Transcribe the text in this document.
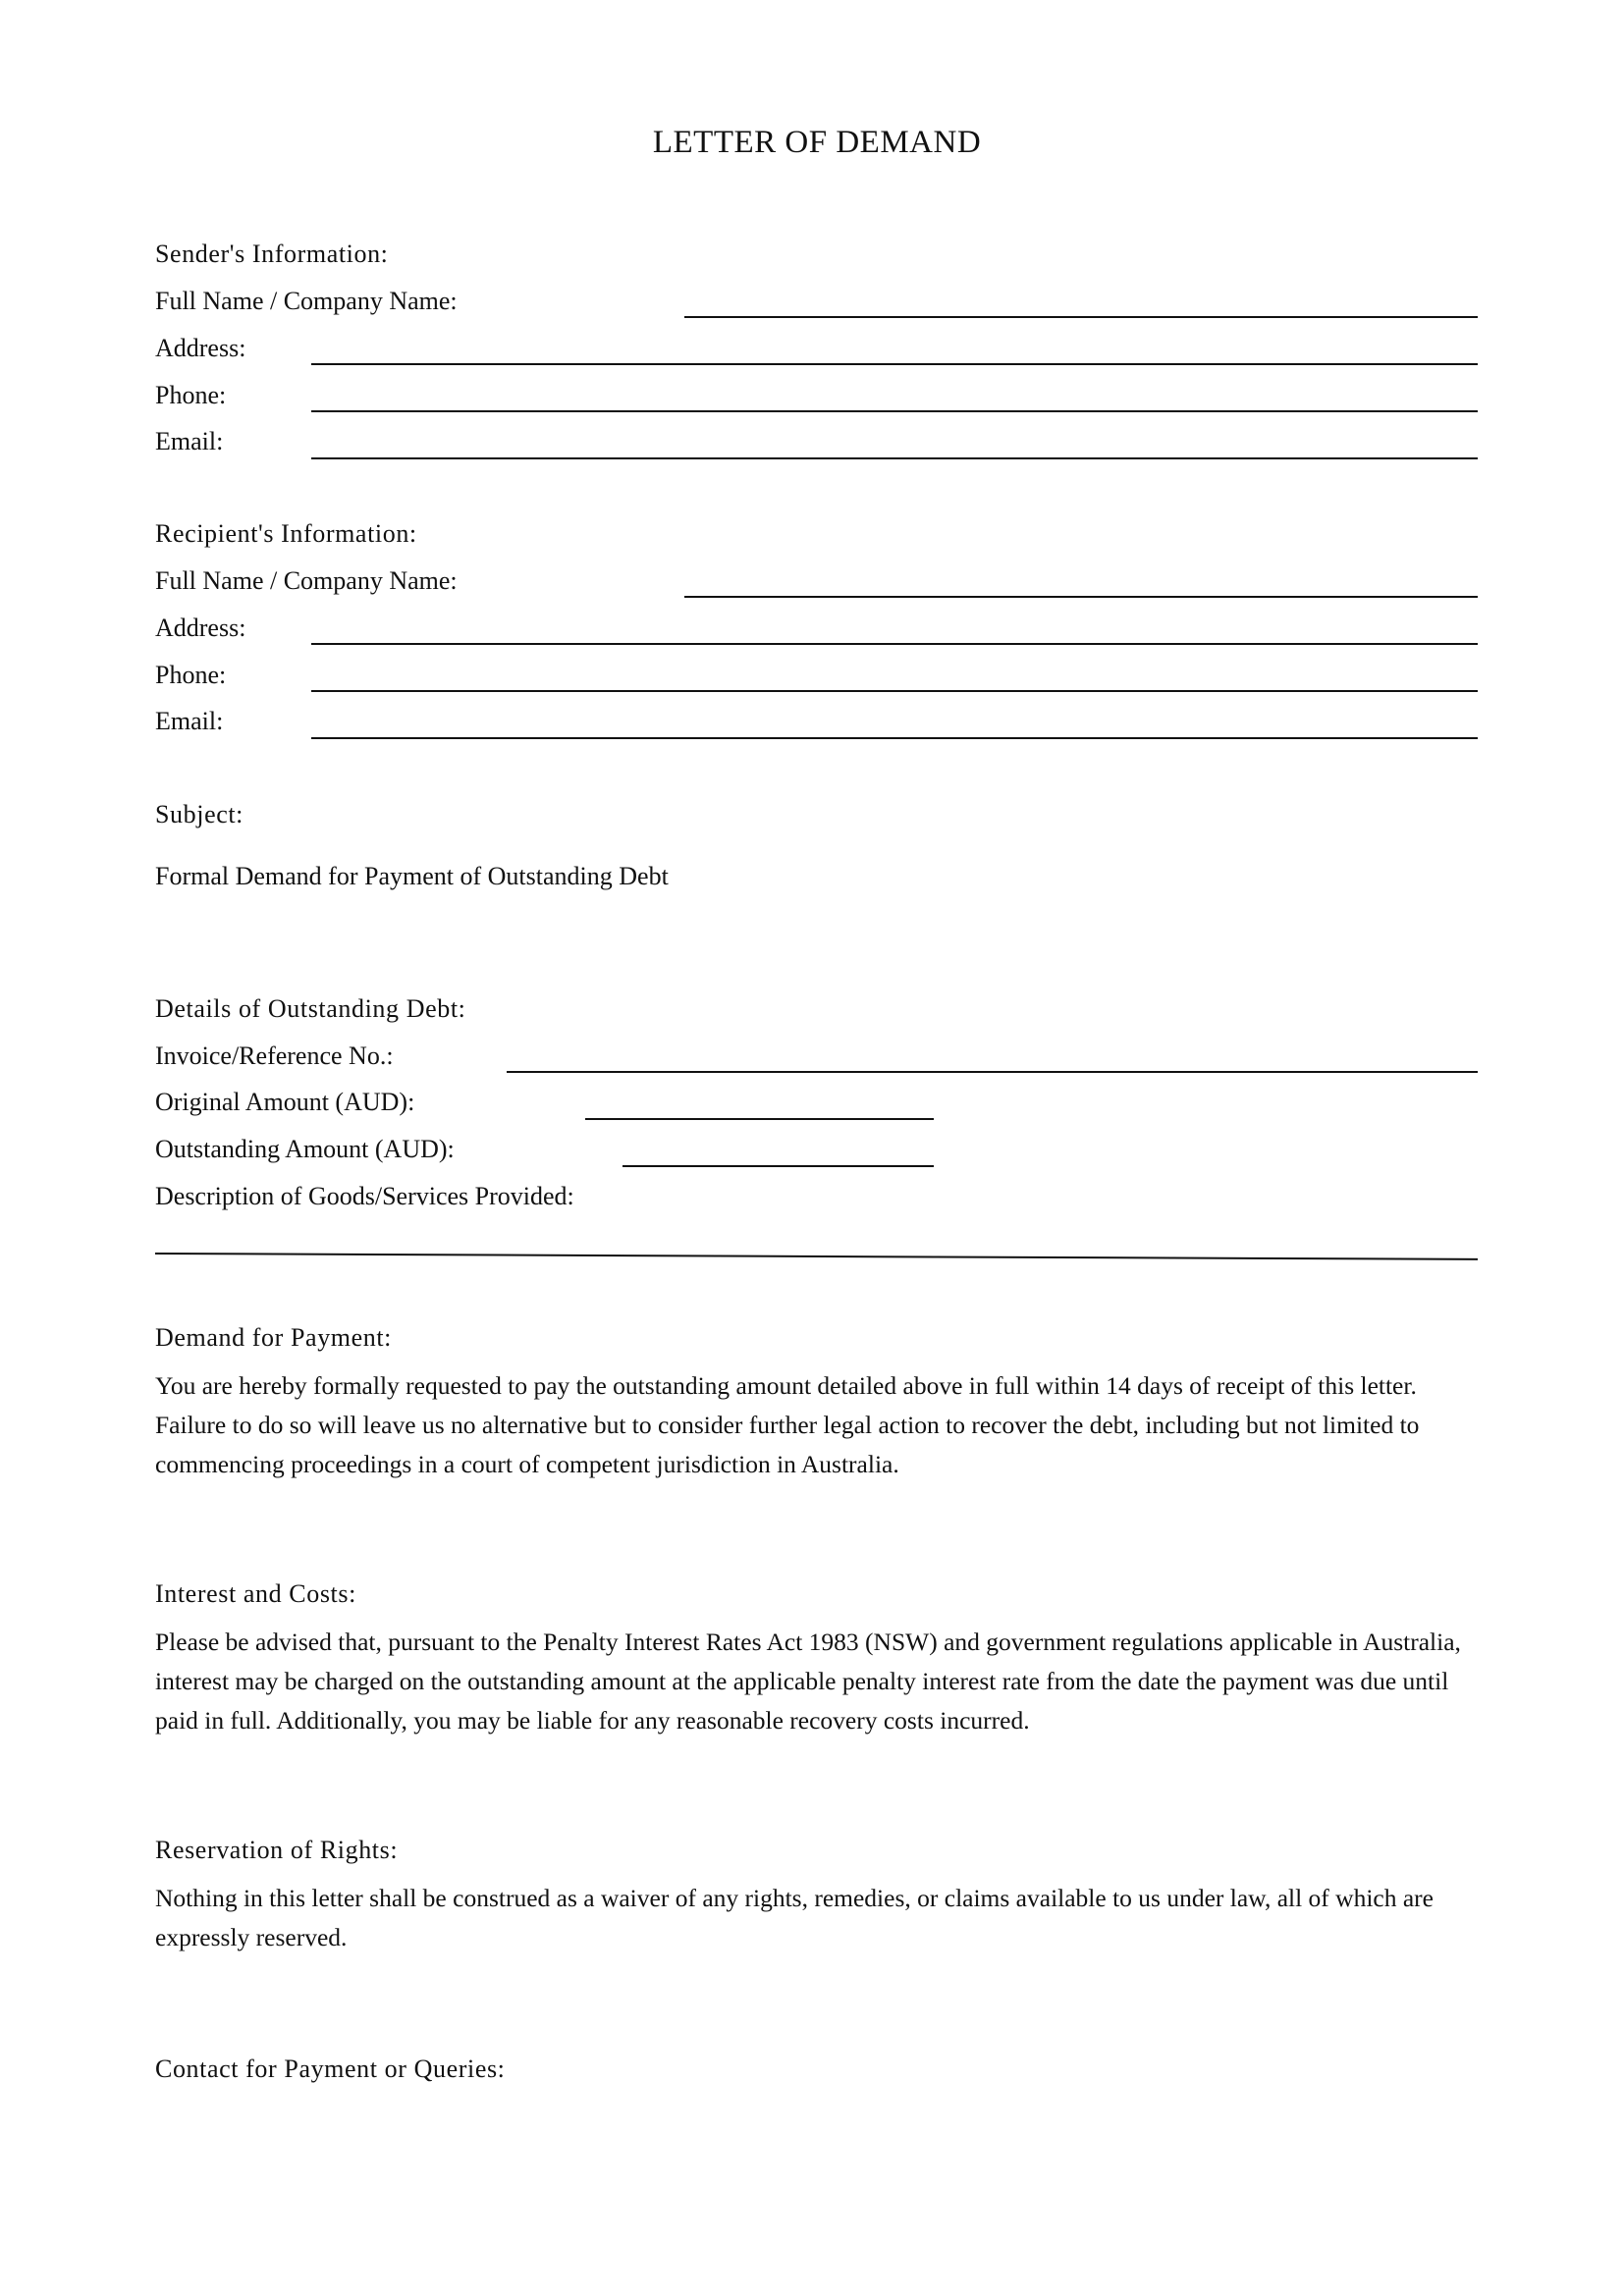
LETTER OF DEMAND
Sender's Information:
Full Name / Company Name:
Address:
Phone:
Email:
Recipient's Information:
Full Name / Company Name:
Address:
Phone:
Email:
Subject:
Formal Demand for Payment of Outstanding Debt
Details of Outstanding Debt:
Invoice/Reference No.:
Original Amount (AUD):
Outstanding Amount (AUD):
Description of Goods/Services Provided:
Demand for Payment:
You are hereby formally requested to pay the outstanding amount detailed above in full within 14 days of receipt of this letter. Failure to do so will leave us no alternative but to consider further legal action to recover the debt, including but not limited to commencing proceedings in a court of competent jurisdiction in Australia.
Interest and Costs:
Please be advised that, pursuant to the Penalty Interest Rates Act 1983 (NSW) and government regulations applicable in Australia, interest may be charged on the outstanding amount at the applicable penalty interest rate from the date the payment was due until paid in full. Additionally, you may be liable for any reasonable recovery costs incurred.
Reservation of Rights:
Nothing in this letter shall be construed as a waiver of any rights, remedies, or claims available to us under law, all of which are expressly reserved.
Contact for Payment or Queries:
